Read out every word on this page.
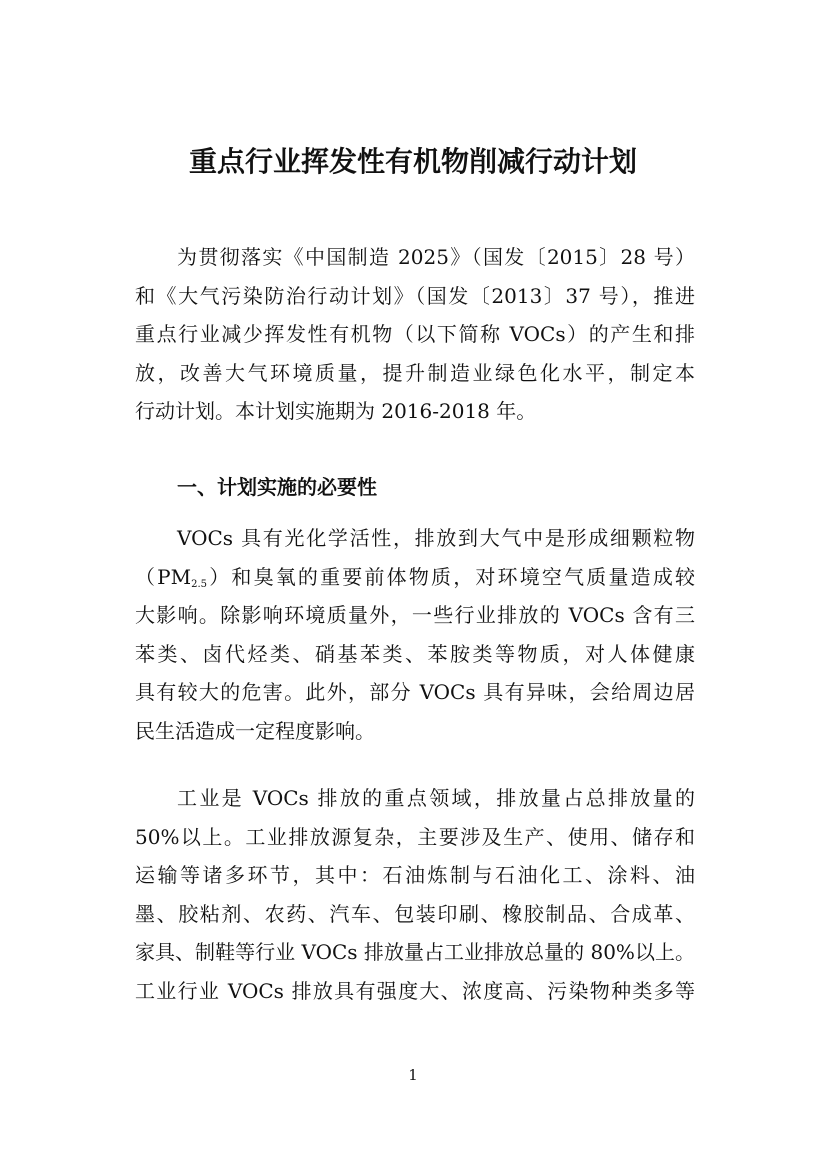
重点行业挥发性有机物削减行动计划
为贯彻落实《中国制造 2025》（国发〔2015〕28 号）
和《大气污染防治行动计划》（国发〔2013〕37 号），推进
重点行业减少挥发性有机物（以下简称 VOCs）的产生和排
放，改善大气环境质量，提升制造业绿色化水平，制定本
行动计划。本计划实施期为 2016-2018 年。
一、计划实施的必要性
VOCs 具有光化学活性，排放到大气中是形成细颗粒物
$(PM_{2.5})$和臭氧的重要前体物质，对环境空气质量造成较
大影响。除影响环境质量外，一些行业排放的 VOCs 含有三
苯类、卤代烃类、硝基苯类、苯胺类等物质，对人体健康
具有较大的危害。此外，部分 VOCs 具有异味，会给周边居
民生活造成一定程度影响。
工业是 VOCs 排放的重点领域，排放量占总排放量的
50%以上。工业排放源复杂，主要涉及生产、使用、储存和
运输等诸多环节，其中：石油炼制与石油化工、涂料、油
墨、胶粘剂、农药、汽车、包装印刷、橡胶制品、合成革、
家具、制鞋等行业 VOCs 排放量占工业排放总量的 80%以上。
工业行业 VOCs 排放具有强度大、浓度高、污染物种类多等
1
